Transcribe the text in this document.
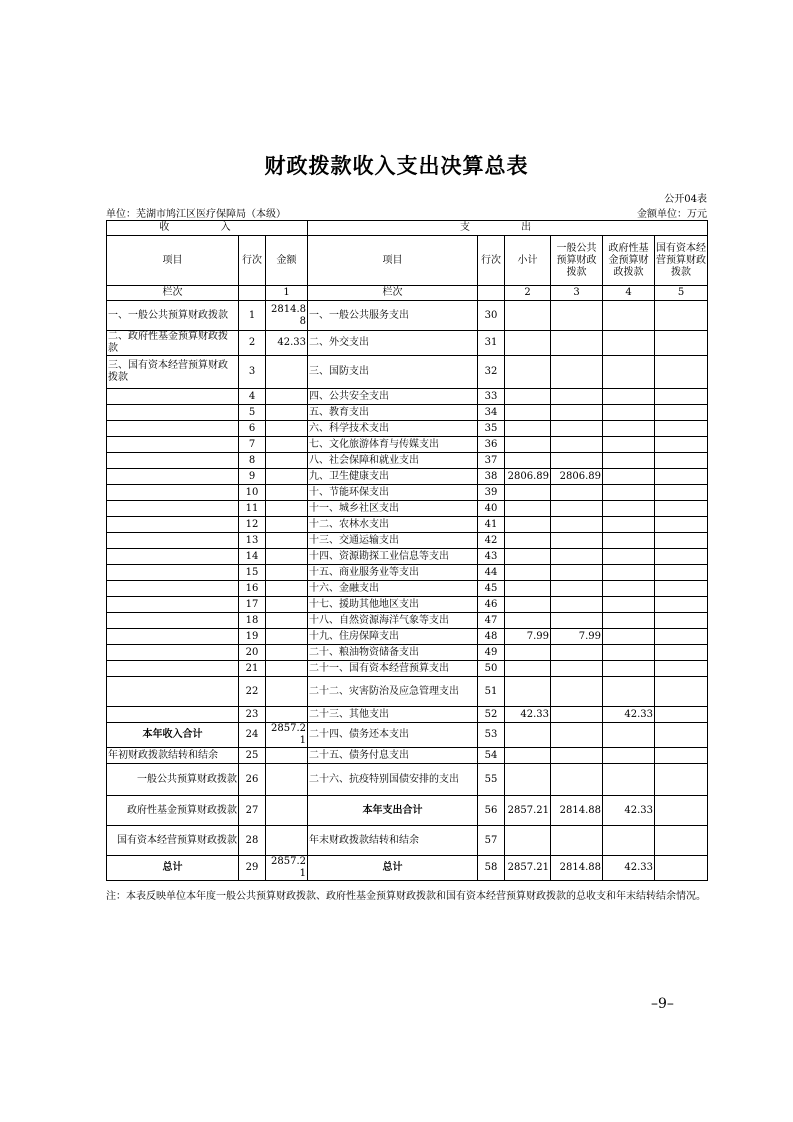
财政拨款收入支出决算总表
公开04表
单位：芜湖市鸠江区医疗保障局（本级）	金额单位：万元
收 入			支 出					
项目	行次	金额	项目	行次	小计	一般公共预算财政拨款	政府性基金预算财政拨款	国有资本经营预算财政拨款
栏次		1	栏次		2	3	4	5
一、一般公共预算财政拨款	1	2814.88	一、一般公共服务支出	30				
二、政府性基金预算财政拨款	2	42.33	二、外交支出	31				
三、国有资本经营预算财政拨款	3		三、国防支出	32				
	4		四、公共安全支出	33				
	5		五、教育支出	34				
	6		六、科学技术支出	35				
	7		七、文化旅游体育与传媒支出	36				
	8		八、社会保障和就业支出	37				
	9		九、卫生健康支出	38	2806.89	2806.89		
	10		十、节能环保支出	39				
	11		十一、城乡社区支出	40				
	12		十二、农林水支出	41				
	13		十三、交通运输支出	42				
	14		十四、资源勘探工业信息等支出	43				
	15		十五、商业服务业等支出	44				
	16		十六、金融支出	45				
	17		十七、援助其他地区支出	46				
	18		十八、自然资源海洋气象等支出	47				
	19		十九、住房保障支出	48	7.99	7.99		
	20		二十、粮油物资储备支出	49				
	21		二十一、国有资本经营预算支出	50				
	22		二十二、灾害防治及应急管理支出	51				
	23		二十三、其他支出	52	42.33		42.33	
本年收入合计	24	2857.21	二十四、债务还本支出	53				
年初财政拨款结转和结余	25		二十五、债务付息支出	54				
一般公共预算财政拨款	26		二十六、抗疫特别国债安排的支出	55				
政府性基金预算财政拨款	27		本年支出合计	56	2857.21	2814.88	42.33	
国有资本经营预算财政拨款	28		年末财政拨款结转和结余	57				
总计	29	2857.21	总计	58	2857.21	2814.88	42.33	
注：本表反映单位本年度一般公共预算财政拨款、政府性基金预算财政拨款和国有资本经营预算财政拨款的总收支和年末结转结余情况。
–9–
